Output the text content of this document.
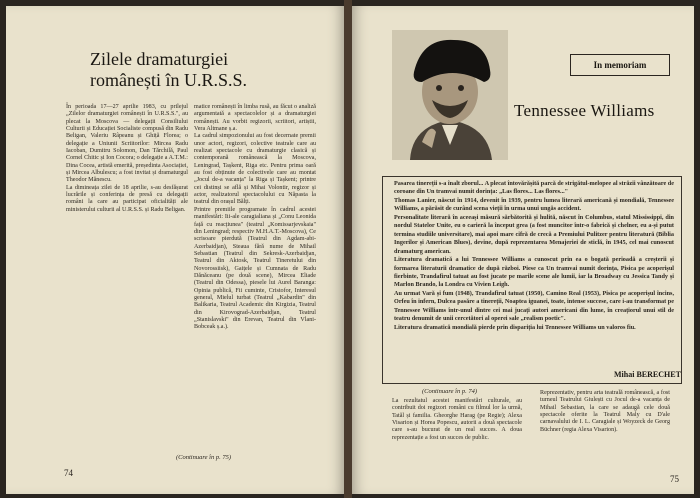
Zilele dramaturgiei românești în U.R.S.S.
În perioada 17—27 aprilie 1983, cu prilejul „Zilelor dramaturgiei românești în U.R.S.S.", au plecat la Moscova — delegații Consiliului Culturii și Educației Socialiste compusă din Radu Beligan, Valeriu Râpeanu și Ghiță Florea; o delegație a Uniunii Scriitorilor: Mircea Radu Iacoban, Dumitru Solomon, Dan Tărchilă, Paul Cornel Chitic și Ion Cocora; o delegație a A.T.M.: Dina Cocea, artistă emerită, președinta Asociației, și Mircea Albulescu; a fost invitat și dramaturgul Theodor Mănescu.
La dimineața zilei de 18 aprilie, s-au desfășurat lucrările și conferința de presă cu delegații români la care au participat oficialități ale ministerului culturii al U.R.S.S. și Radu Beligan.
matice românești în limba rusă, au făcut o analiză argumentată a spectacolelor și a dramaturgiei românești. Au vorbit regizorii, scriitori, artiștii, Vera Altmane ș.a.
La cadrul simpozionului au fost decernate premii unor actori, regizori, colective teatrale care au realizat spectacole cu dramaturgie clasică și contemporană românească la Moscova, Leningrad, Tașkent, Riga etc. Pentru prima oară au fost obținute de colectivele care au montat „Jocul de-a vacanța" la Riga și Tașkent; printre cei distinși se află și Mihai Volontir, regizor și actor, realizatorul spectacolului cu Năpasta la teatrul din orașul Bălți.
Printre premiile programate în cadrul acestei manifestări: Iii-ale caragialiana și „Conu Leonida față cu reacțiunea" (teatrul „Komissarjevskaia" din Leningrad; respectiv M.H.A.T.-Moscova), Ce scrisoare pierdută (Teatrul din Agdam-abi-Azerbaidjan), Steaua fără nume de Mihail Sebastian (Teatrul din Sekresk-Azerbaidjan, Teatrul din Aktosk, Teatrul Tineretului din Novorossiisk), Gaițele și Cumnata de Radu Dănăceanu (pe două scene), Mircea Eliade (Teatrul din Odessa), piesele lui Aurel Baranga: Opinia publică, Fii cuminte, Cristofor, Interesul general, Mielul turbat (Teatrul „Kabardin" din Balikaria, Teatrul Academic din Kirgizia, Teatrul din Kirovograd-Azerbaidjan, Teatrul „Stanislavski" din Erevan, Teatrul din Vlani-Bobceak ș.a.).
(Continuare în p. 75)
74
In memoriam
Tennessee Williams
Pasarea tinereții s-a înalt zborul... A plecat întovărășită parcă de strigătul-melopee al străzii vânzătoare de coroane din Un tramvai numit dorința: „Las flores... Las flores..."
Thomas Lanier, născut în 1914, devenit în 1939, pentru lumea literară americană și mondială, Tennessee Williams, a părăsit de curând scena vieții în urma unui ungăs accident.
Personalitate literară în aceeași măsură sărbătorită și hulită, născut în Columbus, statul Mississippi, din nordul Statelor Unite, eu o carieră la început grea (a fost muncitor într-o fabrică și chelner, eu a-și putut termina studiile universitare), mai apoi mare cifră de crecă a Premiului Pulitzer pentru literatură (Biblia Ingerilor și American Blues), devine, după reprezentarea Menajeriei de sticlă, în 1945, cel mai cunoscut dramaturg american.
Literatura dramatică a lui Tennessee Williams a cunoscut prin ea o bogată perioadă a creșterii și formarea literaturii dramatice de după război. Piese ca Un tramvai numit dorința, Pisica pe acoperișul fierbinte, Trandafirul tatuat au fost jucate pe marile scene ale lumii, iar la Broadway cu Jessica Tandy și Marlon Brando, la Londra cu Vivien Leigh.
Au urmat Vară și fum (1948), Trandafirul tatuat (1950), Camino Real (1953), Pisica pe acoperișul încins, Orfeu în infern, Dulcea pasăre a tinereții, Noaptea iguanei, toate, intense succese, care i-au transformat pe Tennessee Williams într-unul dintre cei mai jucați autori americani din lume, în creațiorul unui stil de teatru denumit de unii cercetători al operei sale „realism poetic".
Literatura dramatică mondială pierde prin dispariția lui Tennessee Williams un valoros fiu.
Mihai BERECHET
(Continuare în p. 74)
La rezultatul acestei manifestări culturale, au contribuit doi regizori români cu filmul lor la urmă, Tatăl și familia. Gheorghe Harag (pe Regie); Alexa Visarion și Horea Popescu, autorii a două spectacole care s-au bucurat de un real succes. A doua reprezentație a fost un succes de public.
Reprezentativ, pentru arta teatrală românească, a fost turneul Teatrului Giulești cu Jocul de-a vacanța de Mihail Sebastian, la care se adaugă cele două spectacole oferite la Teatrul Maly cu D'ale carnavalului de I. L. Caragiale și Woyzeck de Georg Büchner (regia Alexa Visarion).
75
